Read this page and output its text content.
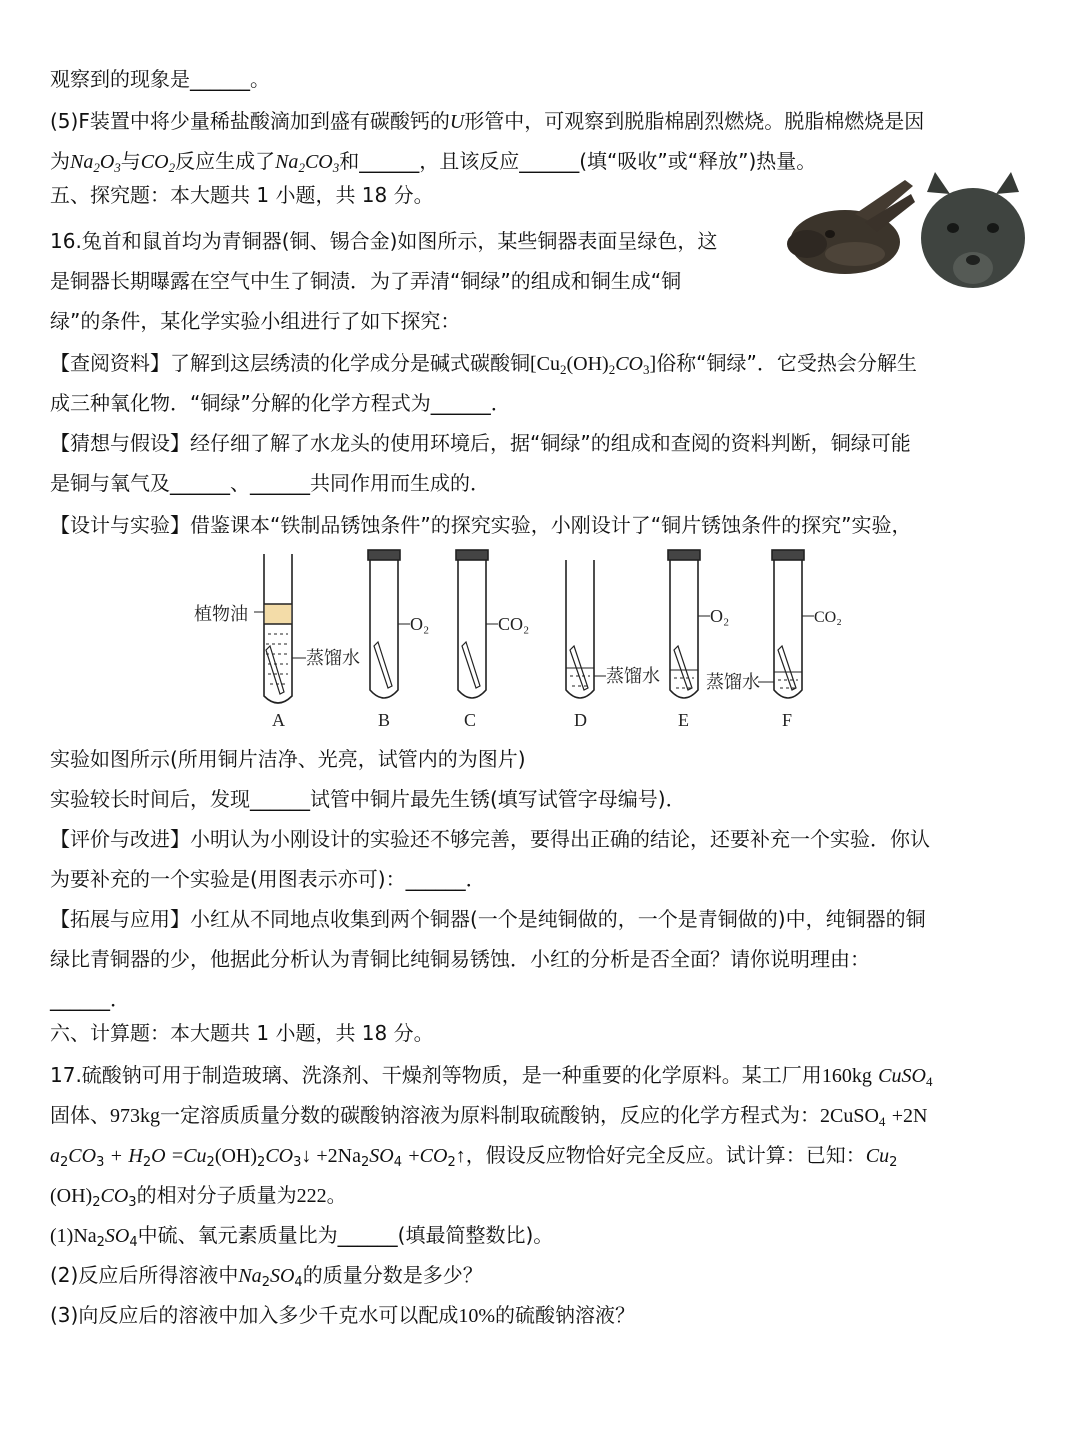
观察到的现象是______。
(5)F装置中将少量稀盐酸滴加到盛有碳酸钙的U形管中，可观察到脱脂棉剧烈燃烧。脱脂棉燃烧是因
为$Na_2O_3$与$CO_2$反应生成了$Na_2CO_3$和______，且该反应______(填“吸收”或“释放”)热量。
五、探究题：本大题共 1 小题，共 18 分。
16.兔首和鼠首均为青铜器(铜、锡合金)如图所示，某些铜器表面呈绿色，这
是铜器长期曝露在空气中生了铜渍．为了弄清“铜绿”的组成和铜生成“铜
绿”的条件，某化学实验小组进行了如下探究：
【查阅资料】了解到这层绣渍的化学成分是碱式碳酸铜$[Cu_2(OH)_2CO_3]$俗称“铜绿”．它受热会分解生
成三种氧化物．“铜绿”分解的化学方程式为______．
【猜想与假设】经仔细了解了水龙头的使用环境后，据“铜绿”的组成和查阅的资料判断，铜绿可能
是铜与氧气及______、______共同作用而生成的．
【设计与实验】借鉴课本“铁制品锈蚀条件”的探究实验，小刚设计了“铜片锈蚀条件的探究”实验，
植物油
蒸馏水
O₂	CO₂
蒸馏水
O₂
蒸馏水
CO₂
A	B	C	D	E	F
实验如图所示(所用铜片洁净、光亮，试管内的为图片)
实验较长时间后，发现______试管中铜片最先生锈(填写试管字母编号)．
【评价与改进】小明认为小刚设计的实验还不够完善，要得出正确的结论，还要补充一个实验．你认
为要补充的一个实验是(用图表示亦可)：______．
【拓展与应用】小红从不同地点收集到两个铜器(一个是纯铜做的，一个是青铜做的)中，纯铜器的铜
绿比青铜器的少，他据此分析认为青铜比纯铜易锈蚀．小红的分析是否全面？请你说明理由：
______．
六、计算题：本大题共 1 小题，共 18 分。
17.硫酸钠可用于制造玻璃、洗涤剂、干燥剂等物质，是一种重要的化学原料。某工厂用160kg CuSO$_4$
固体、973kg一定溶质质量分数的碳酸钠溶液为原料制取硫酸钠，反应的化学方程式为：2CuSO$_4$ +2N
$a_2CO_3 + H_2O$ $=Cu_2(OH)_2CO_3↓ +2Na_2SO_4$ $+CO_2↑$，假设反应物恰好完全反应。试计算：已知：$Cu_2$
$(OH)_2CO_3$的相对分子质量为222。
$(1)Na_2SO_4$中硫、氧元素质量比为______(填最简整数比)。
(2)反应后所得溶液中$Na_2SO_4$的质量分数是多少？
(3)向反应后的溶液中加入多少千克水可以配成10%的硫酸钠溶液？
